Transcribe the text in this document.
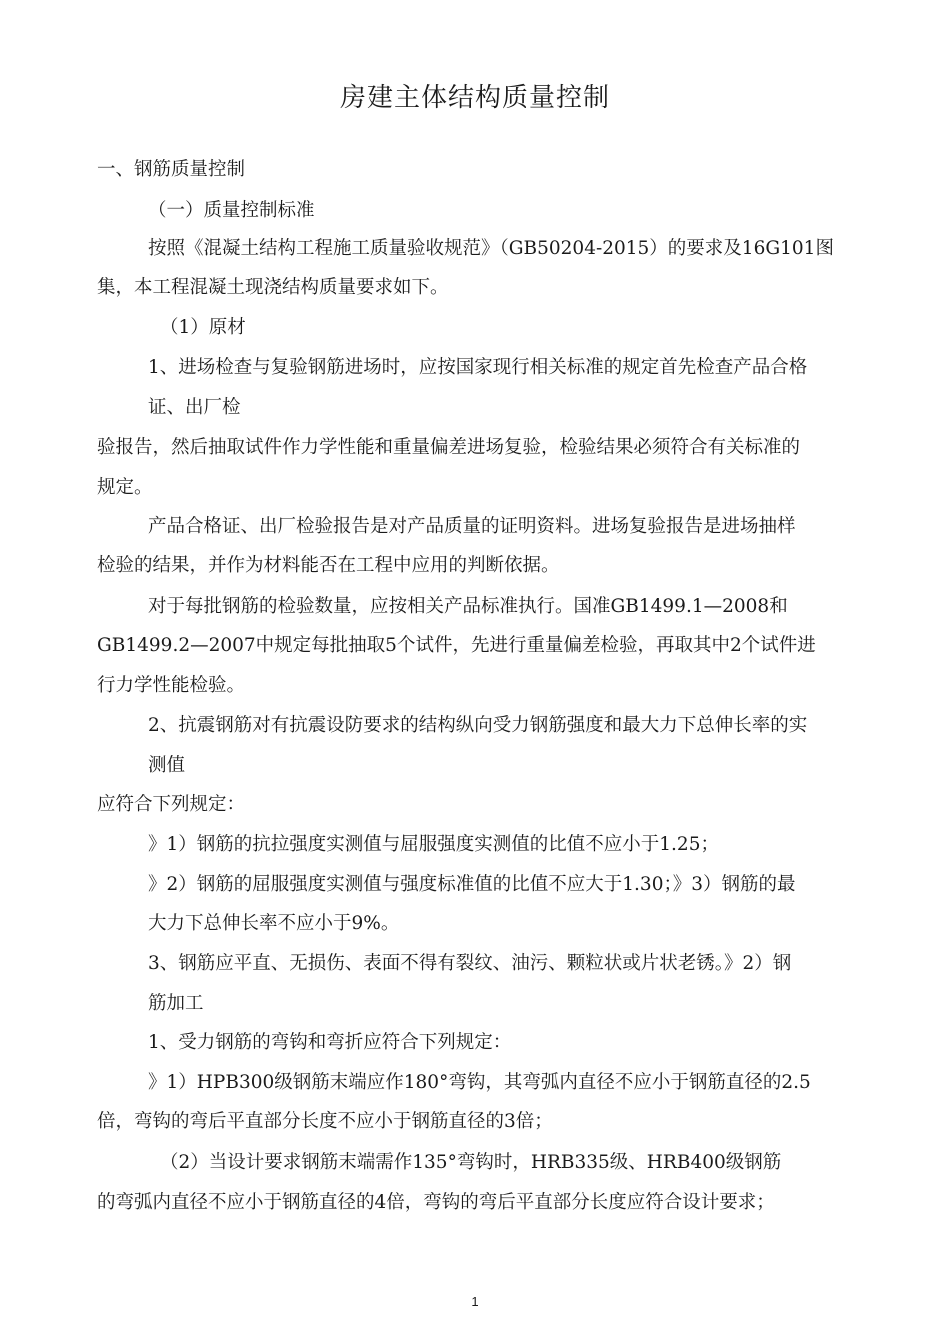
房建主体结构质量控制
一、钢筋质量控制
（一）质量控制标准
按照《混凝土结构工程施工质量验收规范》（GB50204-2015）的要求及16G101图
集，本工程混凝土现浇结构质量要求如下。
（1）原材
1、进场检查与复验钢筋进场时，应按国家现行相关标准的规定首先检查产品合格
证、出厂检
验报告，然后抽取试件作力学性能和重量偏差进场复验，检验结果必须符合有关标准的
规定。
产品合格证、出厂检验报告是对产品质量的证明资料。进场复验报告是进场抽样
检验的结果，并作为材料能否在工程中应用的判断依据。
对于每批钢筋的检验数量，应按相关产品标准执行。国准GB1499.1—2008和
GB1499.2—2007中规定每批抽取5个试件，先进行重量偏差检验，再取其中2个试件进
行力学性能检验。
2、抗震钢筋对有抗震设防要求的结构纵向受力钢筋强度和最大力下总伸长率的实
测值
应符合下列规定：
》1）钢筋的抗拉强度实测值与屈服强度实测值的比值不应小于1.25；
》2）钢筋的屈服强度实测值与强度标准值的比值不应大于1.30；》3）钢筋的最
大力下总伸长率不应小于9%。
3、钢筋应平直、无损伤、表面不得有裂纹、油污、颗粒状或片状老锈。》2）钢
筋加工
1、受力钢筋的弯钩和弯折应符合下列规定：
》1）HPB300级钢筋末端应作180°弯钩，其弯弧内直径不应小于钢筋直径的2.5
倍，弯钩的弯后平直部分长度不应小于钢筋直径的3倍；
（2）当设计要求钢筋末端需作135°弯钩时，HRB335级、HRB400级钢筋
的弯弧内直径不应小于钢筋直径的4倍，弯钩的弯后平直部分长度应符合设计要求；
1
